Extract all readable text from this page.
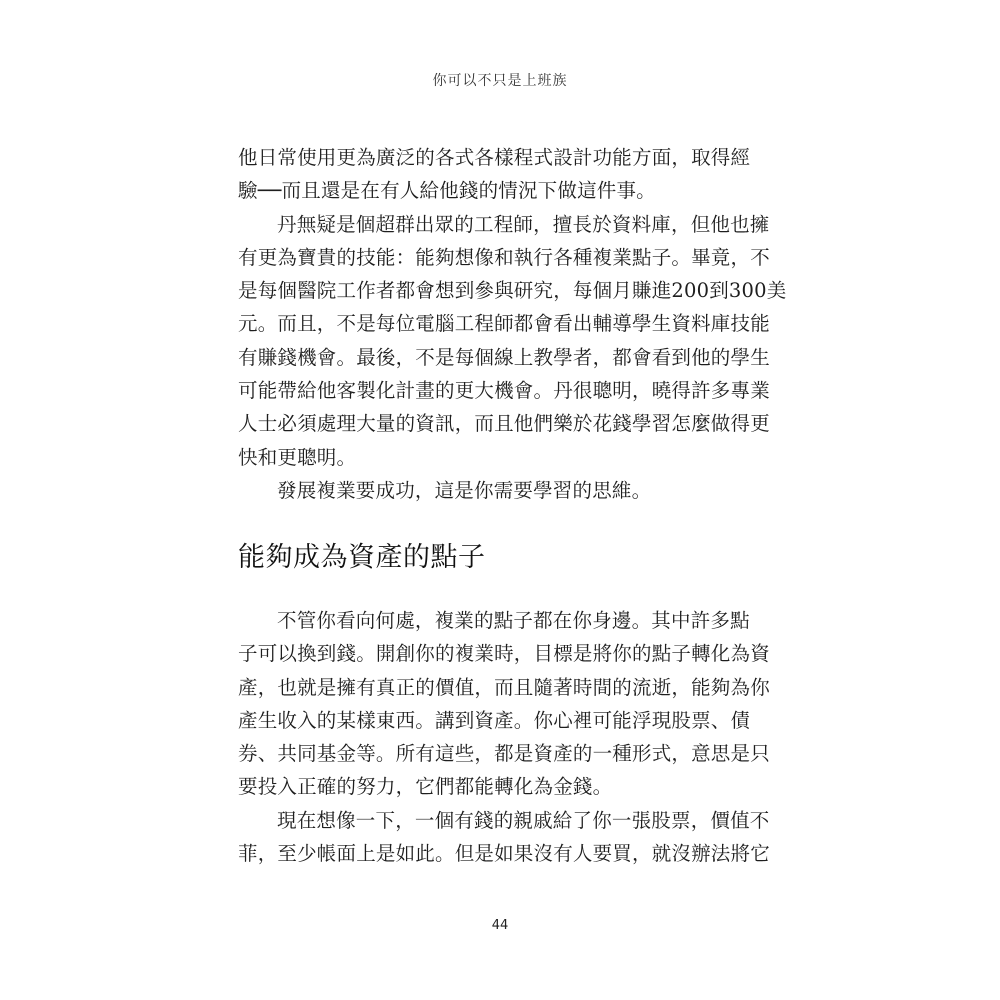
你可以不只是上班族
他日常使用更為廣泛的各式各樣程式設計功能方面，取得經
驗──而且還是在有人給他錢的情況下做這件事。
丹無疑是個超群出眾的工程師，擅長於資料庫，但他也擁
有更為寶貴的技能：能夠想像和執行各種複業點子。畢竟，不
是每個醫院工作者都會想到參與研究，每個月賺進200到300美
元。而且，不是每位電腦工程師都會看出輔導學生資料庫技能
有賺錢機會。最後，不是每個線上教學者，都會看到他的學生
可能帶給他客製化計畫的更大機會。丹很聰明，曉得許多專業
人士必須處理大量的資訊，而且他們樂於花錢學習怎麼做得更
快和更聰明。
發展複業要成功，這是你需要學習的思維。
能夠成為資產的點子
不管你看向何處，複業的點子都在你身邊。其中許多點
子可以換到錢。開創你的複業時，目標是將你的點子轉化為資
產，也就是擁有真正的價值，而且隨著時間的流逝，能夠為你
產生收入的某樣東西。講到資產。你心裡可能浮現股票、債
券、共同基金等。所有這些，都是資產的一種形式，意思是只
要投入正確的努力，它們都能轉化為金錢。
現在想像一下，一個有錢的親戚給了你一張股票，價值不
菲，至少帳面上是如此。但是如果沒有人要買，就沒辦法將它
44
